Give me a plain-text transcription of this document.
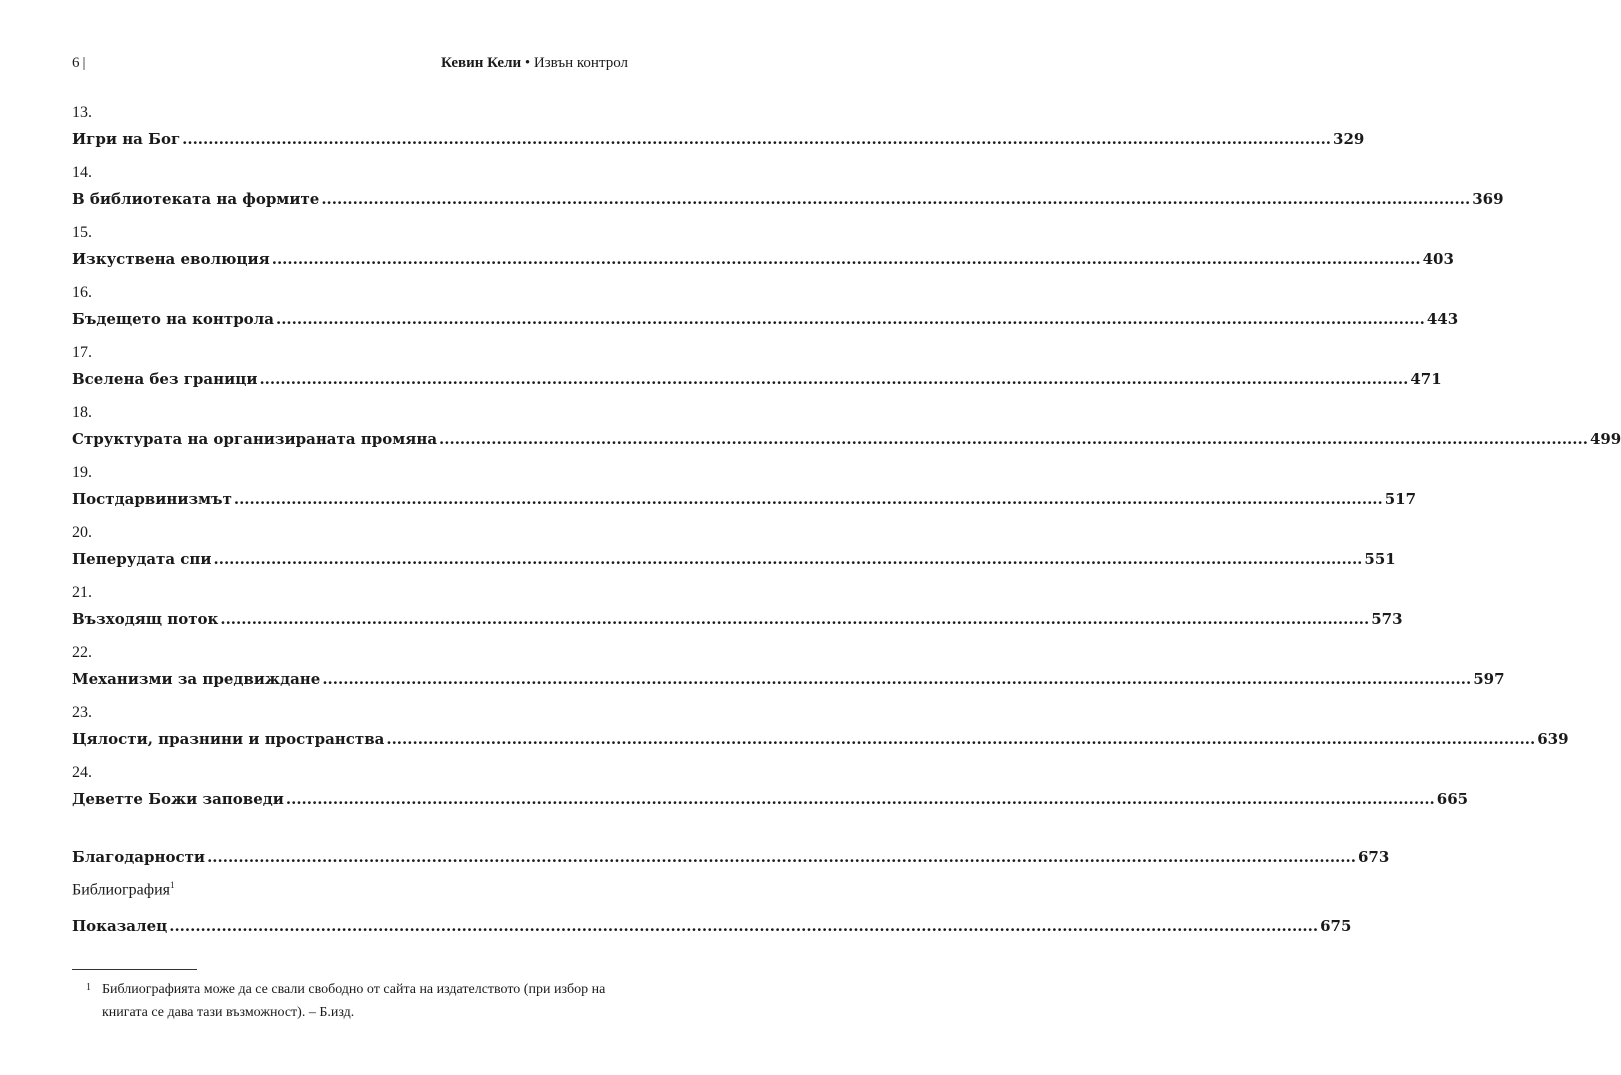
6 |	Кевин Кели • Извън контрол
13.
Игри на Бог ............................................................................................................................................................................................................................ 329
14.
В библиотеката на формите ............................................................................................................................................................................................................................ 369
15.
Изкуствена еволюция ............................................................................................................................................................................................................................ 403
16.
Бъдещето на контрола ............................................................................................................................................................................................................................ 443
17.
Вселена без граници ............................................................................................................................................................................................................................ 471
18.
Структурата на организираната промяна ............................................................................................................................................................................................................................ 499
19.
Постдарвинизмът ............................................................................................................................................................................................................................ 517
20.
Пеперудата спи ............................................................................................................................................................................................................................ 551
21.
Възходящ поток ............................................................................................................................................................................................................................ 573
22.
Механизми за предвиждане ............................................................................................................................................................................................................................ 597
23.
Цялости, празнини и пространства ............................................................................................................................................................................................................................ 639
24.
Деветте Божи заповеди ............................................................................................................................................................................................................................ 665
Благодарности ............................................................................................................................................................................................................................ 673
Библиография$^1$
Показалец ............................................................................................................................................................................................................................ 675
1 Библиографията може да се свали свободно от сайта на издателството (при избор на книгата се дава тази възможност). – Б.изд.
